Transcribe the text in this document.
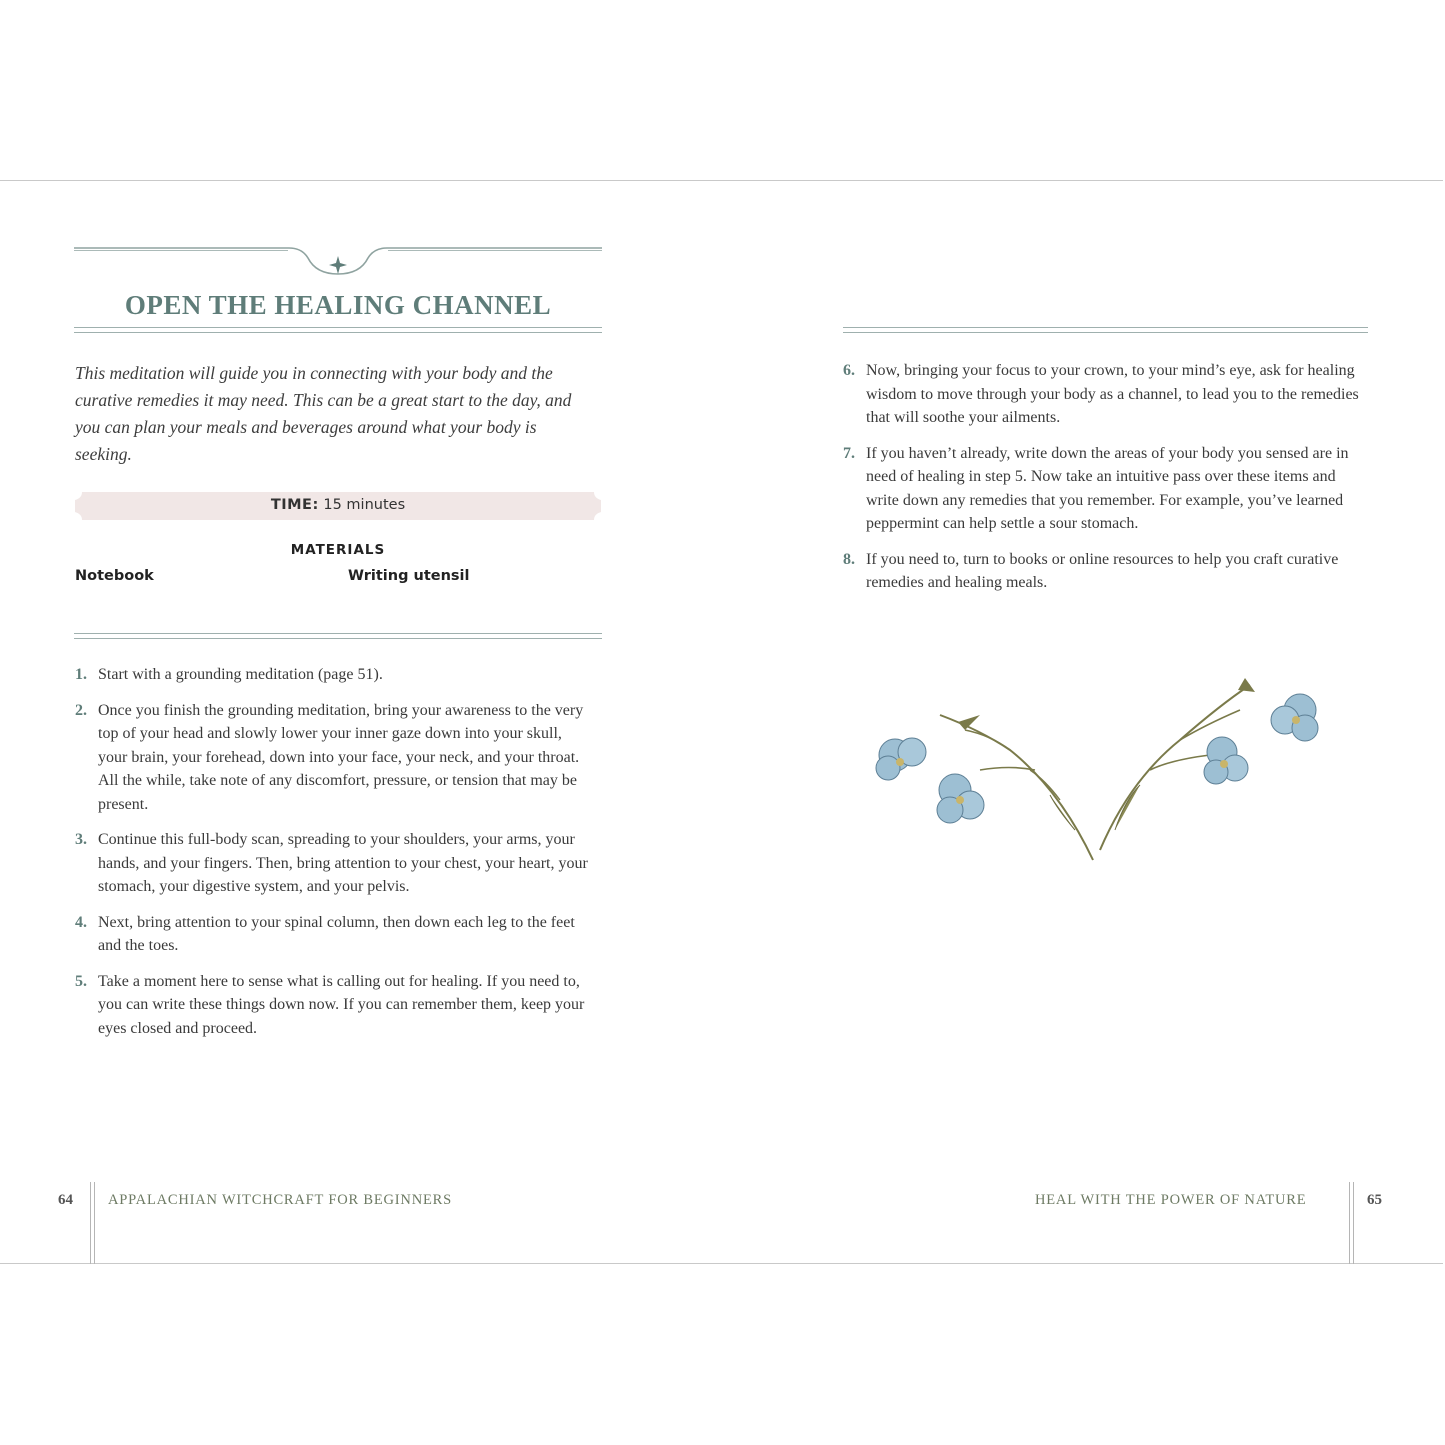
OPEN THE HEALING CHANNEL

This meditation will guide you in connecting with your body and the curative remedies it may need. This can be a great start to the day, and you can plan your meals and beverages around what your body is seeking.

TIME: 15 minutes
MATERIALS
Notebook	Writing utensil
1. Start with a grounding meditation (page 51).
2. Once you finish the grounding meditation, bring your awareness to the very top of your head and slowly lower your inner gaze down into your skull, your brain, your forehead, down into your face, your neck, and your throat. All the while, take note of any discomfort, pressure, or tension that may be present.
3. Continue this full-body scan, spreading to your shoulders, your arms, your hands, and your fingers. Then, bring attention to your chest, your heart, your stomach, your digestive system, and your pelvis.
4. Next, bring attention to your spinal column, then down each leg to the feet and the toes.
5. Take a moment here to sense what is calling out for healing. If you need to, you can write these things down now. If you can remember them, keep your eyes closed and proceed.
64 APPALACHIAN WITCHCRAFT FOR BEGINNERS
6. Now, bringing your focus to your crown, to your mind’s eye, ask for healing wisdom to move through your body as a channel, to lead you to the remedies that will soothe your ailments.
7. If you haven’t already, write down the areas of your body you sensed are in need of healing in step 5. Now take an intuitive pass over these items and write down any remedies that you remember. For example, you’ve learned peppermint can help settle a sour stomach.
8. If you need to, turn to books or online resources to help you craft curative remedies and healing meals.
HEAL WITH THE POWER OF NATURE	65
